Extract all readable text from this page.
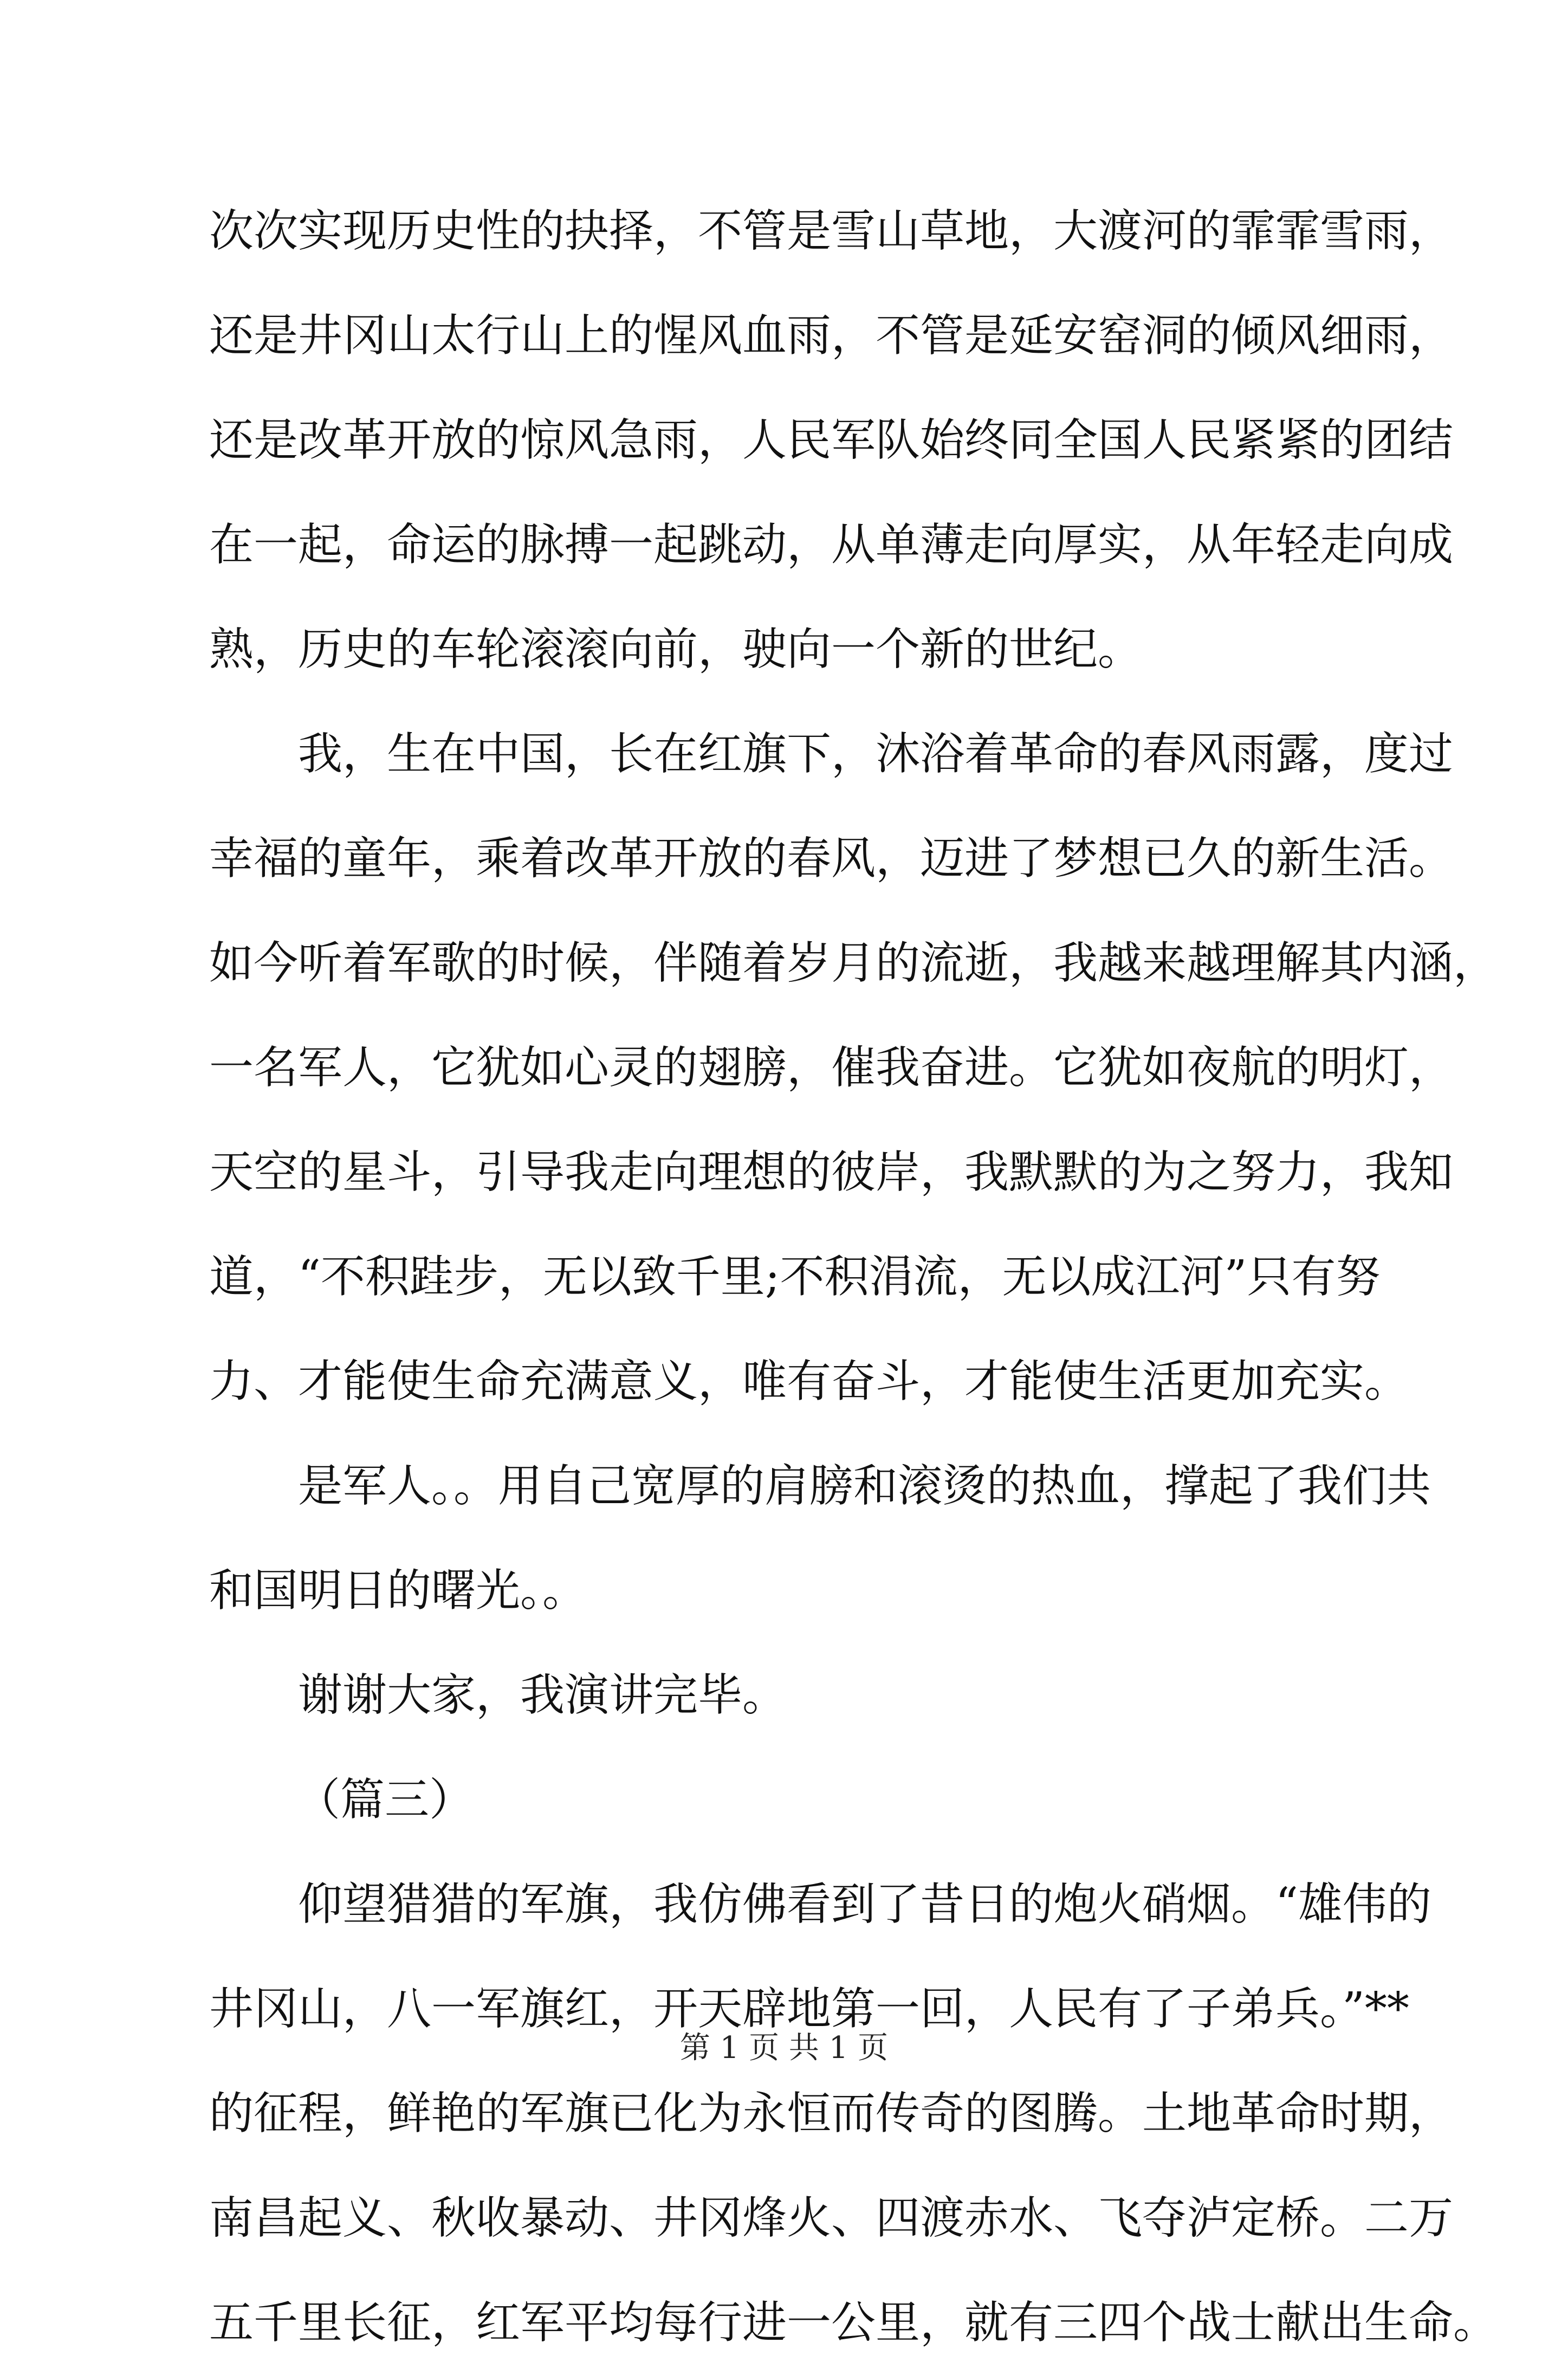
次次实现历史性的抉择，不管是雪山草地，大渡河的霏霏雪雨，
还是井冈山太行山上的惺风血雨，不管是延安窑洞的倾风细雨，
还是改革开放的惊风急雨，人民军队始终同全国人民紧紧的团结
在一起，命运的脉搏一起跳动，从单薄走向厚实，从年轻走向成
熟，历史的车轮滚滚向前，驶向一个新的世纪。
我，生在中国，长在红旗下，沐浴着革命的春风雨露，度过
幸福的童年，乘着改革开放的春风，迈进了梦想已久的新生活。
如今听着军歌的时候，伴随着岁月的流逝，我越来越理解其内涵，
一名军人，它犹如心灵的翅膀，催我奋进。它犹如夜航的明灯，
天空的星斗，引导我走向理想的彼岸，我默默的为之努力，我知
道，“不积跬步，无以致千里;不积涓流，无以成江河”只有努
力、才能使生命充满意义，唯有奋斗，才能使生活更加充实。
是军人。。用自己宽厚的肩膀和滚烫的热血，撑起了我们共
和国明日的曙光。。
谢谢大家，我演讲完毕。
（篇三）
仰望猎猎的军旗，我仿佛看到了昔日的炮火硝烟。“雄伟的
井冈山，八一军旗红，开天辟地第一回，人民有了子弟兵。”**
的征程，鲜艳的军旗已化为永恒而传奇的图腾。土地革命时期，
南昌起义、秋收暴动、井冈烽火、四渡赤水、飞夺泸定桥。二万
五千里长征，红军平均每行进一公里，就有三四个战士献出生命。
第 1 页 共 1 页
